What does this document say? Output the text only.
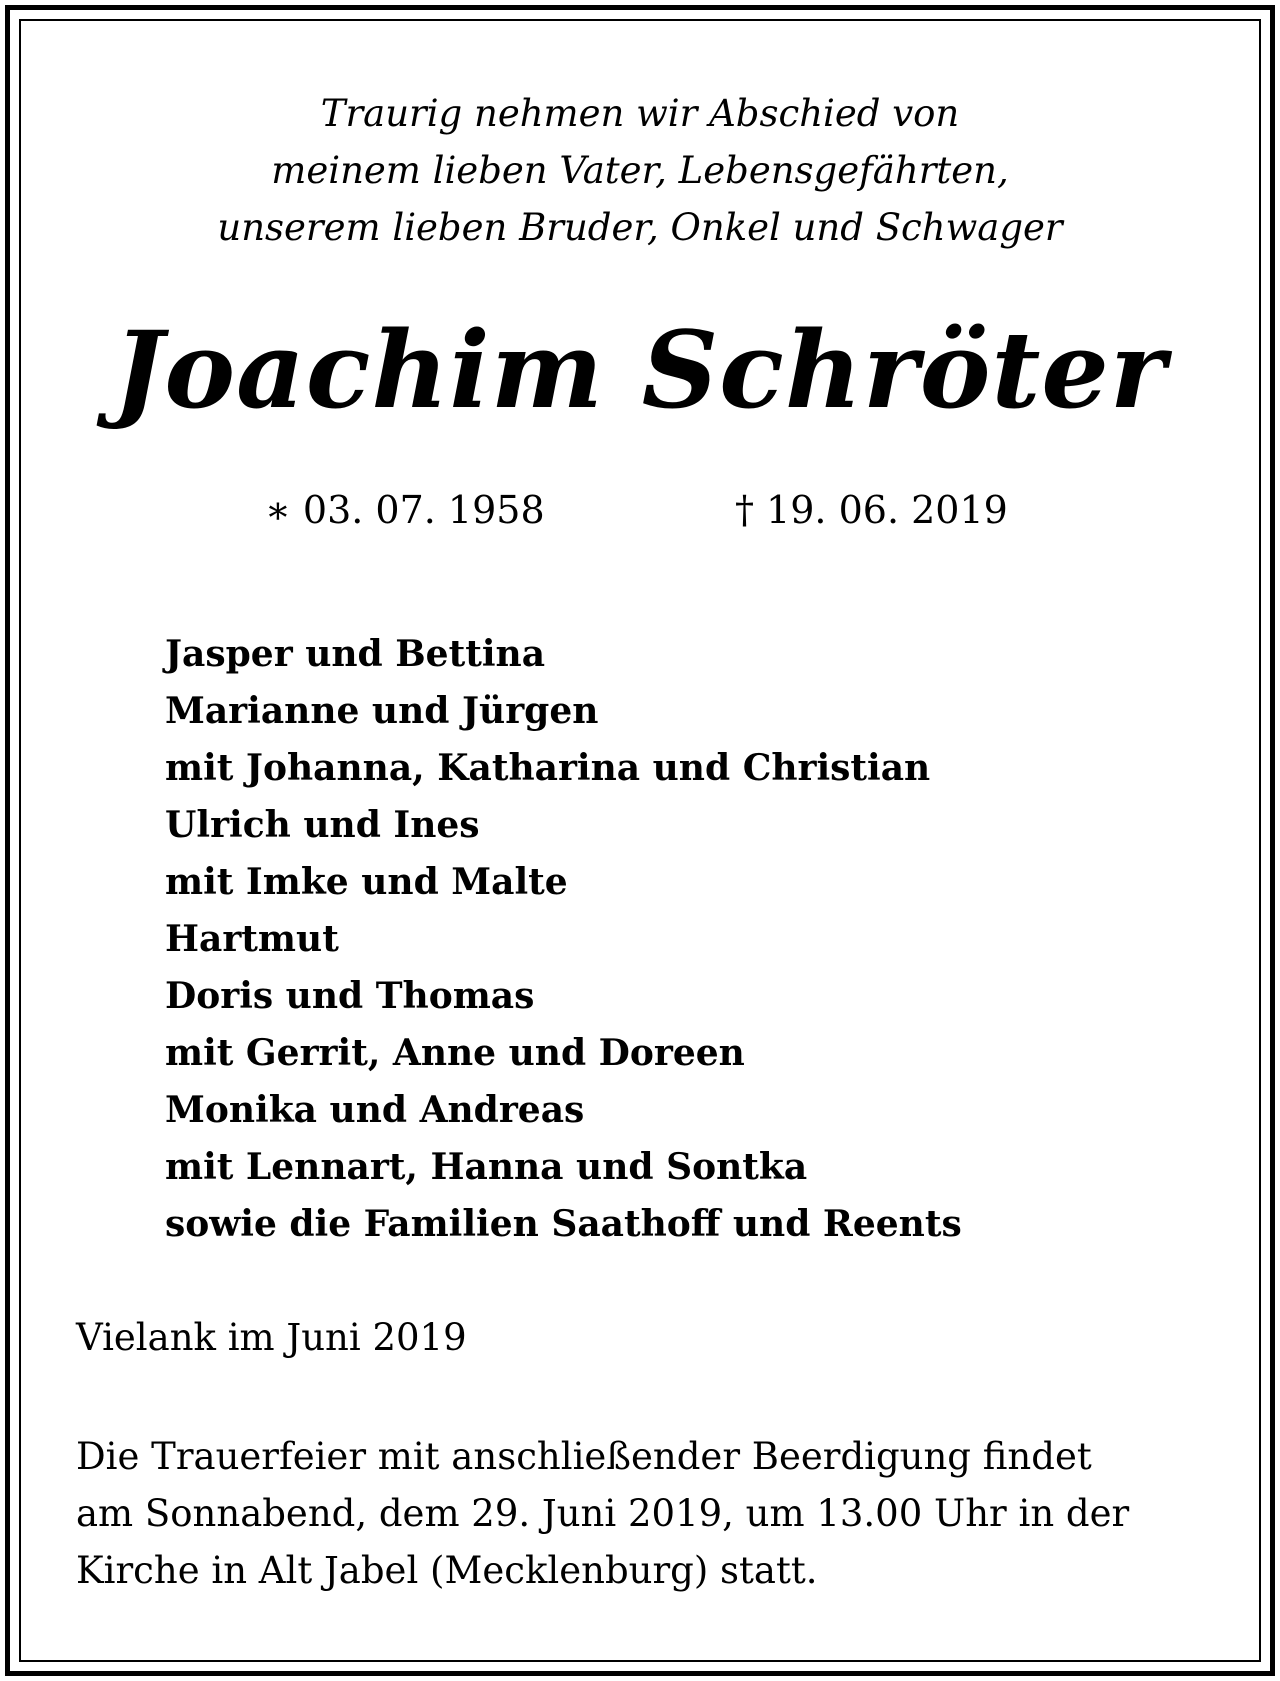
Traurig nehmen wir Abschied von
meinem lieben Vater, Lebensgefährten,
unserem lieben Bruder, Onkel und Schwager
Joachim Schröter
∗ 03. 07. 1958	† 19. 06. 2019
Jasper und Bettina
Marianne und Jürgen
mit Johanna, Katharina und Christian
Ulrich und Ines
mit Imke und Malte
Hartmut
Doris und Thomas
mit Gerrit, Anne und Doreen
Monika und Andreas
mit Lennart, Hanna und Sontka
sowie die Familien Saathoff und Reents
Vielank im Juni 2019
Die Trauerfeier mit anschließender Beerdigung findet
am Sonnabend, dem 29. Juni 2019, um 13.00 Uhr in der
Kirche in Alt Jabel (Mecklenburg) statt.
